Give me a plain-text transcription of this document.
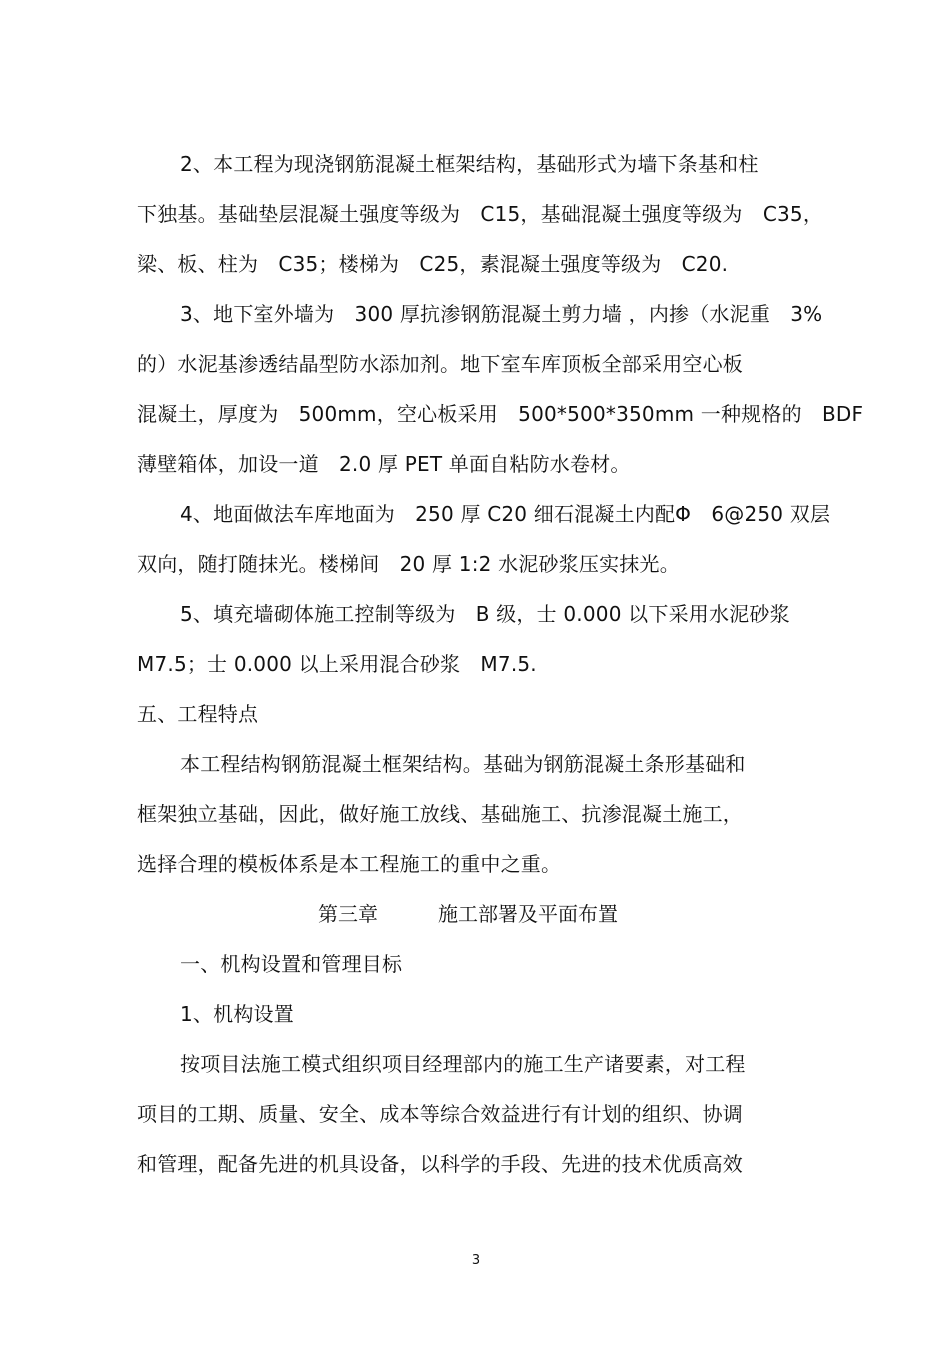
2、本工程为现浇钢筋混凝土框架结构，基础形式为墙下条基和柱
下独基。基础垫层混凝土强度等级为　C15，基础混凝土强度等级为　C35，
梁、板、柱为　C35；楼梯为　C25，素混凝土强度等级为　C20.
3、地下室外墙为　300 厚抗渗钢筋混凝土剪力墙 ，内掺（水泥重　3%
的）水泥基渗透结晶型防水添加剂。地下室车库顶板全部采用空心板
混凝土，厚度为　500mm，空心板采用　500*500*350mm 一种规格的　BDF
薄壁箱体，加设一道　2.0 厚 PET 单面自粘防水卷材。
4、地面做法车库地面为　250 厚 C20 细石混凝土内配Φ　6@250 双层
双向，随打随抹光。楼梯间　20 厚 1:2 水泥砂浆压实抹光。
5、填充墙砌体施工控制等级为　B 级，士 0.000 以下采用水泥砂浆
M7.5；士 0.000 以上采用混合砂浆　M7.5.
五、工程特点
本工程结构钢筋混凝土框架结构。基础为钢筋混凝土条形基础和
框架独立基础，因此，做好施工放线、基础施工、抗渗混凝土施工，
选择合理的模板体系是本工程施工的重中之重。
第三章　　　施工部署及平面布置
一、机构设置和管理目标
1、机构设置
按项目法施工模式组织项目经理部内的施工生产诸要素，对工程
项目的工期、质量、安全、成本等综合效益进行有计划的组织、协调
和管理，配备先进的机具设备，以科学的手段、先进的技术优质高效
3
